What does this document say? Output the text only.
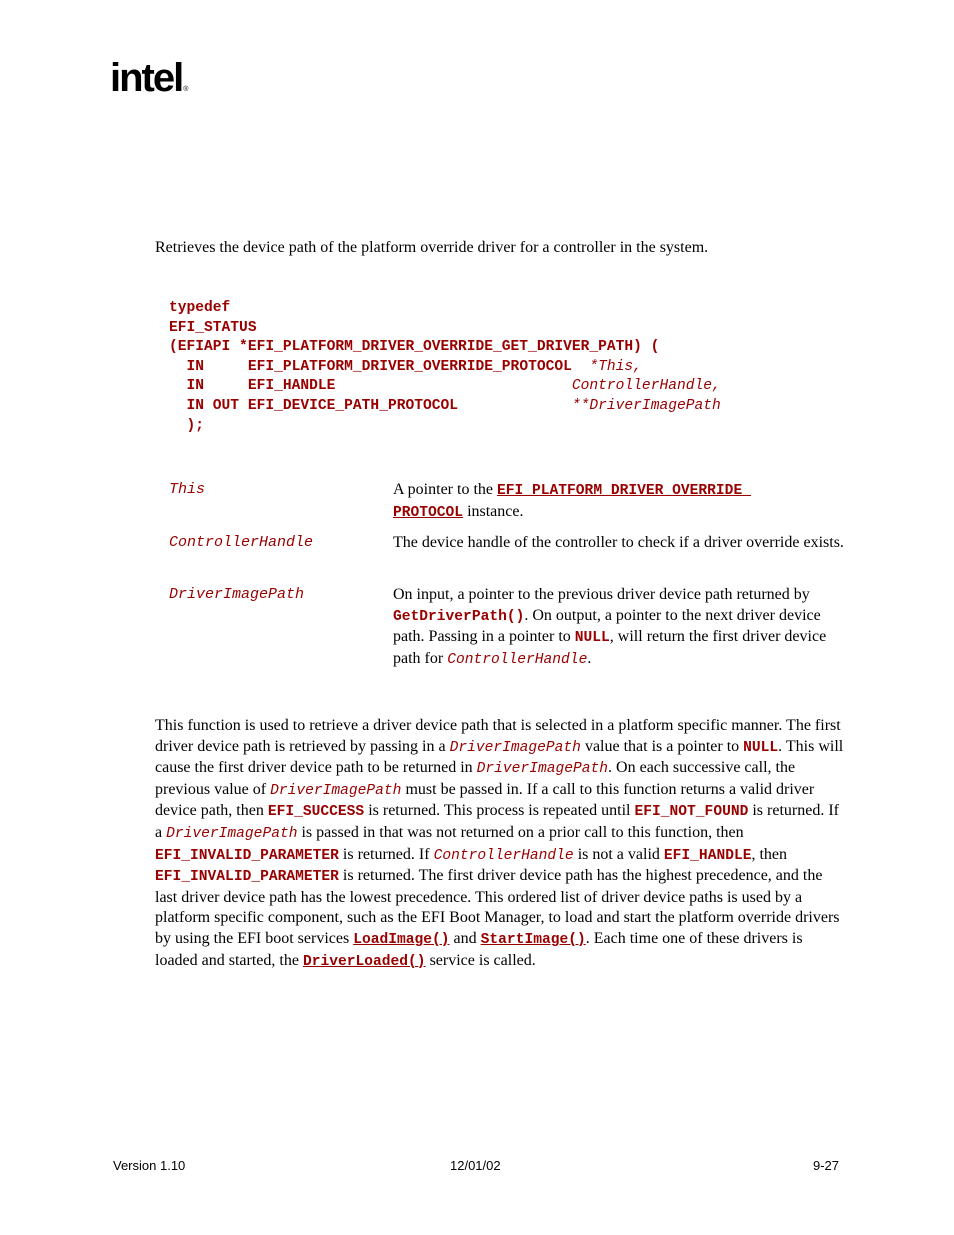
intel®
Retrieves the device path of the platform override driver for a controller in the system.
typedef
EFI_STATUS
(EFIAPI *EFI_PLATFORM_DRIVER_OVERRIDE_GET_DRIVER_PATH) (
IN     EFI_PLATFORM_DRIVER_OVERRIDE_PROTOCOL  *This,
IN     EFI_HANDLE                           ControllerHandle,
IN OUT EFI_DEVICE_PATH_PROTOCOL             **DriverImagePath
);
This	A pointer to the EFI_PLATFORM_DRIVER_OVERRIDE_
PROTOCOL instance.
ControllerHandle	The device handle of the controller to check if a driver override exists.
DriverImagePath	On input, a pointer to the previous driver device path returned by GetDriverPath(). On output, a pointer to the next driver device path. Passing in a pointer to NULL, will return the first driver device path for ControllerHandle.
This function is used to retrieve a driver device path that is selected in a platform specific manner. The first driver device path is retrieved by passing in a DriverImagePath value that is a pointer to NULL. This will cause the first driver device path to be returned in DriverImagePath. On each successive call, the previous value of DriverImagePath must be passed in. If a call to this function returns a valid driver device path, then EFI_SUCCESS is returned. This process is repeated until EFI_NOT_FOUND is returned. If a DriverImagePath is passed in that was not returned on a prior call to this function, then EFI_INVALID_PARAMETER is returned. If ControllerHandle is not a valid EFI_HANDLE, then EFI_INVALID_PARAMETER is returned. The first driver device path has the highest precedence, and the last driver device path has the lowest precedence. This ordered list of driver device paths is used by a platform specific component, such as the EFI Boot Manager, to load and start the platform override drivers by using the EFI boot services LoadImage() and StartImage(). Each time one of these drivers is loaded and started, the DriverLoaded() service is called.
Version 1.10	12/01/02	9-27
